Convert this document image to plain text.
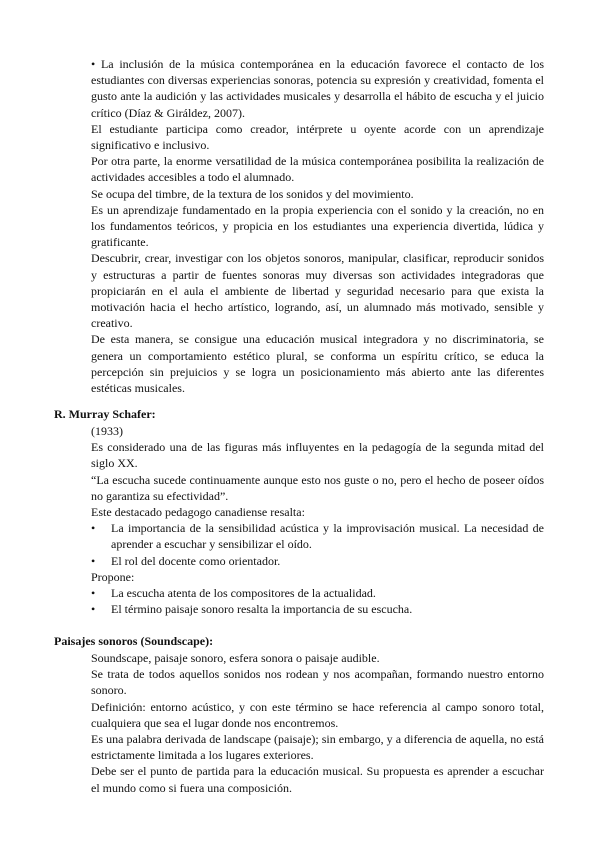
• La inclusión de la música contemporánea en la educación favorece el contacto de los estudiantes con diversas experiencias sonoras, potencia su expresión y creatividad, fomenta el gusto ante la audición y las actividades musicales y desarrolla el hábito de escucha y el juicio crítico (Díaz & Giráldez, 2007).

El estudiante participa como creador, intérprete u oyente acorde con un aprendizaje significativo e inclusivo.

Por otra parte, la enorme versatilidad de la música contemporánea posibilita la realización de actividades accesibles a todo el alumnado.

Se ocupa del timbre, de la textura de los sonidos y del movimiento.

Es un aprendizaje fundamentado en la propia experiencia con el sonido y la creación, no en los fundamentos teóricos, y propicia en los estudiantes una experiencia divertida, lúdica y gratificante.

Descubrir, crear, investigar con los objetos sonoros, manipular, clasificar, reproducir sonidos y estructuras a partir de fuentes sonoras muy diversas son actividades integradoras que propiciarán en el aula el ambiente de libertad y seguridad necesario para que exista la motivación hacia el hecho artístico, logrando, así, un alumnado más motivado, sensible y creativo.

De esta manera, se consigue una educación musical integradora y no discriminatoria, se genera un comportamiento estético plural, se conforma un espíritu crítico, se educa la percepción sin prejuicios y se logra un posicionamiento más abierto ante las diferentes estéticas musicales.

R. Murray Schafer:

(1933)

Es considerado una de las figuras más influyentes en la pedagogía de la segunda mitad del siglo XX.

“La escucha sucede continuamente aunque esto nos guste o no, pero el hecho de poseer oídos no garantiza su efectividad”.

Este destacado pedagogo canadiense resalta:

• La importancia de la sensibilidad acústica y la improvisación musical. La necesidad de aprender a escuchar y sensibilizar el oído.
• El rol del docente como orientador.

Propone:

• La escucha atenta de los compositores de la actualidad.
• El término paisaje sonoro resalta la importancia de su escucha.
Paisajes sonoros (Soundscape):

Soundscape, paisaje sonoro, esfera sonora o paisaje audible.

Se trata de todos aquellos sonidos nos rodean y nos acompañan, formando nuestro entorno sonoro.

Definición: entorno acústico, y con este término se hace referencia al campo sonoro total, cualquiera que sea el lugar donde nos encontremos.

Es una palabra derivada de landscape (paisaje); sin embargo, y a diferencia de aquella, no está estrictamente limitada a los lugares exteriores.

Debe ser el punto de partida para la educación musical. Su propuesta es aprender a escuchar el mundo como si fuera una composición.
